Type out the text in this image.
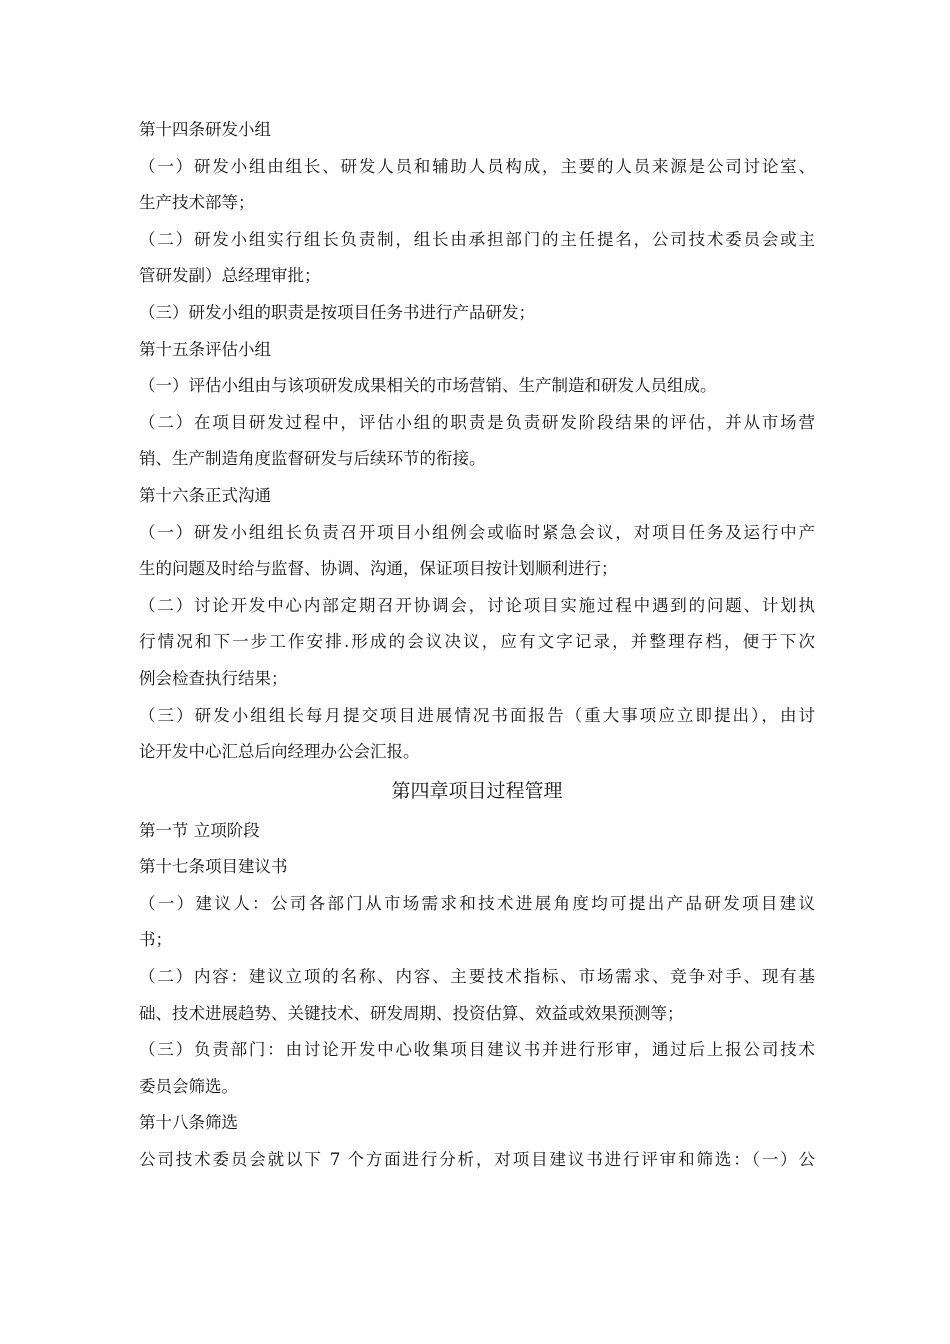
第十四条研发小组
（一）研发小组由组长、研发人员和辅助人员构成，主要的人员来源是公司讨论室、
生产技术部等；
（二）研发小组实行组长负责制，组长由承担部门的主任提名，公司技术委员会或主
管研发副）总经理审批；
（三）研发小组的职责是按项目任务书进行产品研发；
第十五条评估小组
（一）评估小组由与该项研发成果相关的市场营销、生产制造和研发人员组成。
（二）在项目研发过程中，评估小组的职责是负责研发阶段结果的评估，并从市场营
销、生产制造角度监督研发与后续环节的衔接。
第十六条正式沟通
（一）研发小组组长负责召开项目小组例会或临时紧急会议，对项目任务及运行中产
生的问题及时给与监督、协调、沟通，保证项目按计划顺利进行；
（二）讨论开发中心内部定期召开协调会，讨论项目实施过程中遇到的问题、计划执
行情况和下一步工作安排.形成的会议决议，应有文字记录，并整理存档，便于下次
例会检查执行结果；
（三）研发小组组长每月提交项目进展情况书面报告（重大事项应立即提出），由讨
论开发中心汇总后向经理办公会汇报。
第四章项目过程管理
第一节 立项阶段
第十七条项目建议书
（一）建议人：公司各部门从市场需求和技术进展角度均可提出产品研发项目建议
书；
（二）内容：建议立项的名称、内容、主要技术指标、市场需求、竞争对手、现有基
础、技术进展趋势、关键技术、研发周期、投资估算、效益或效果预测等；
（三）负责部门：由讨论开发中心收集项目建议书并进行形审，通过后上报公司技术
委员会筛选。
第十八条筛选
公司技术委员会就以下 7 个方面进行分析，对项目建议书进行评审和筛选：（一）公
